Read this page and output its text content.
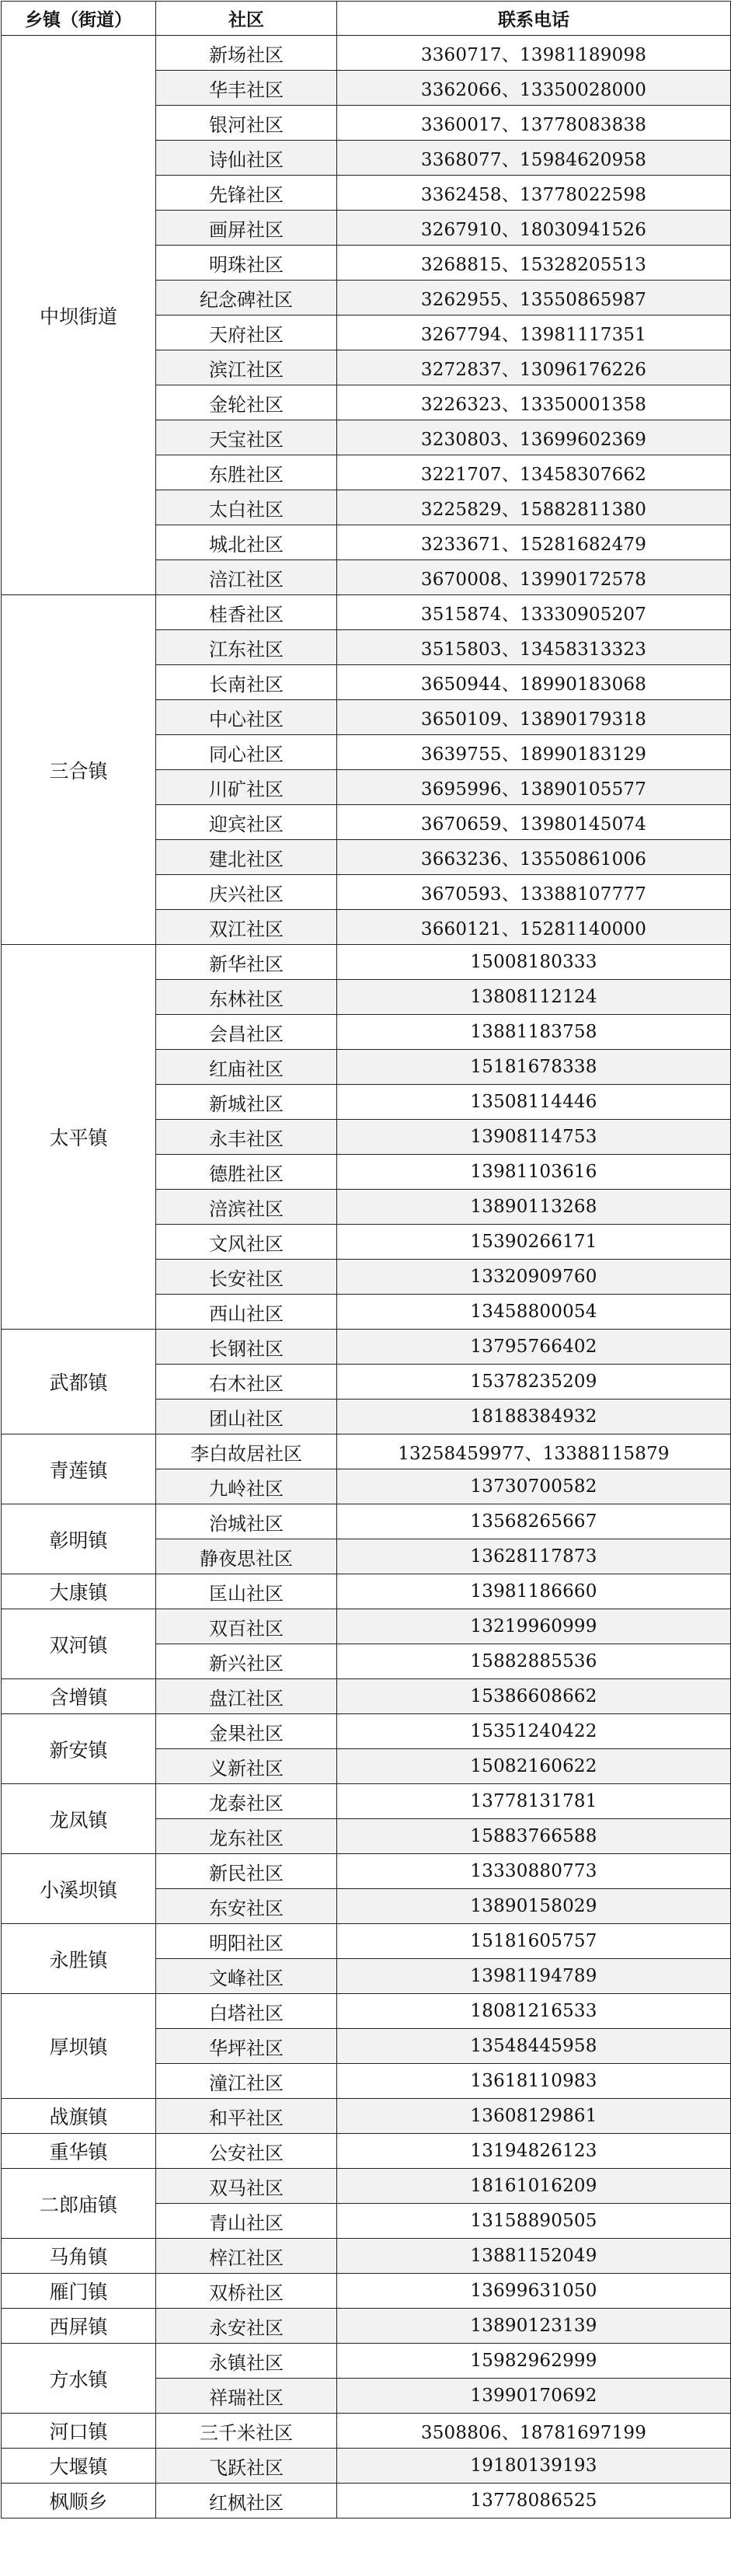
乡镇（街道）	社区	联系电话
中坝街道	新场社区	3360717、13981189098
	华丰社区	3362066、13350028000
	银河社区	3360017、13778083838
	诗仙社区	3368077、15984620958
	先锋社区	3362458、13778022598
	画屏社区	3267910、18030941526
	明珠社区	3268815、15328205513
	纪念碑社区	3262955、13550865987
	天府社区	3267794、13981117351
	滨江社区	3272837、13096176226
	金轮社区	3226323、13350001358
	天宝社区	3230803、13699602369
	东胜社区	3221707、13458307662
	太白社区	3225829、15882811380
	城北社区	3233671、15281682479
	涪江社区	3670008、13990172578
三合镇	桂香社区	3515874、13330905207
	江东社区	3515803、13458313323
	长南社区	3650944、18990183068
	中心社区	3650109、13890179318
	同心社区	3639755、18990183129
	川矿社区	3695996、13890105577
	迎宾社区	3670659、13980145074
	建北社区	3663236、13550861006
	庆兴社区	3670593、13388107777
	双江社区	3660121、15281140000
太平镇	新华社区	15008180333
	东林社区	13808112124
	会昌社区	13881183758
	红庙社区	15181678338
	新城社区	13508114446
	永丰社区	13908114753
	德胜社区	13981103616
	涪滨社区	13890113268
	文风社区	15390266171
	长安社区	13320909760
	西山社区	13458800054
武都镇	长钢社区	13795766402
	右木社区	15378235209
	团山社区	18188384932
青莲镇	李白故居社区	13258459977、13388115879
	九岭社区	13730700582
彰明镇	治城社区	13568265667
	静夜思社区	13628117873
大康镇	匡山社区	13981186660
双河镇	双百社区	13219960999
	新兴社区	15882885536
含增镇	盘江社区	15386608662
新安镇	金果社区	15351240422
	义新社区	15082160622
龙凤镇	龙泰社区	13778131781
	龙东社区	15883766588
小溪坝镇	新民社区	13330880773
	东安社区	13890158029
永胜镇	明阳社区	15181605757
	文峰社区	13981194789
厚坝镇	白塔社区	18081216533
	华坪社区	13548445958
	潼江社区	13618110983
战旗镇	和平社区	13608129861
重华镇	公安社区	13194826123
二郎庙镇	双马社区	18161016209
	青山社区	13158890505
马角镇	梓江社区	13881152049
雁门镇	双桥社区	13699631050
西屏镇	永安社区	13890123139
方水镇	永镇社区	15982962999
	祥瑞社区	13990170692
河口镇	三千米社区	3508806、18781697199
大堰镇	飞跃社区	19180139193
枫顺乡	红枫社区	13778086525
